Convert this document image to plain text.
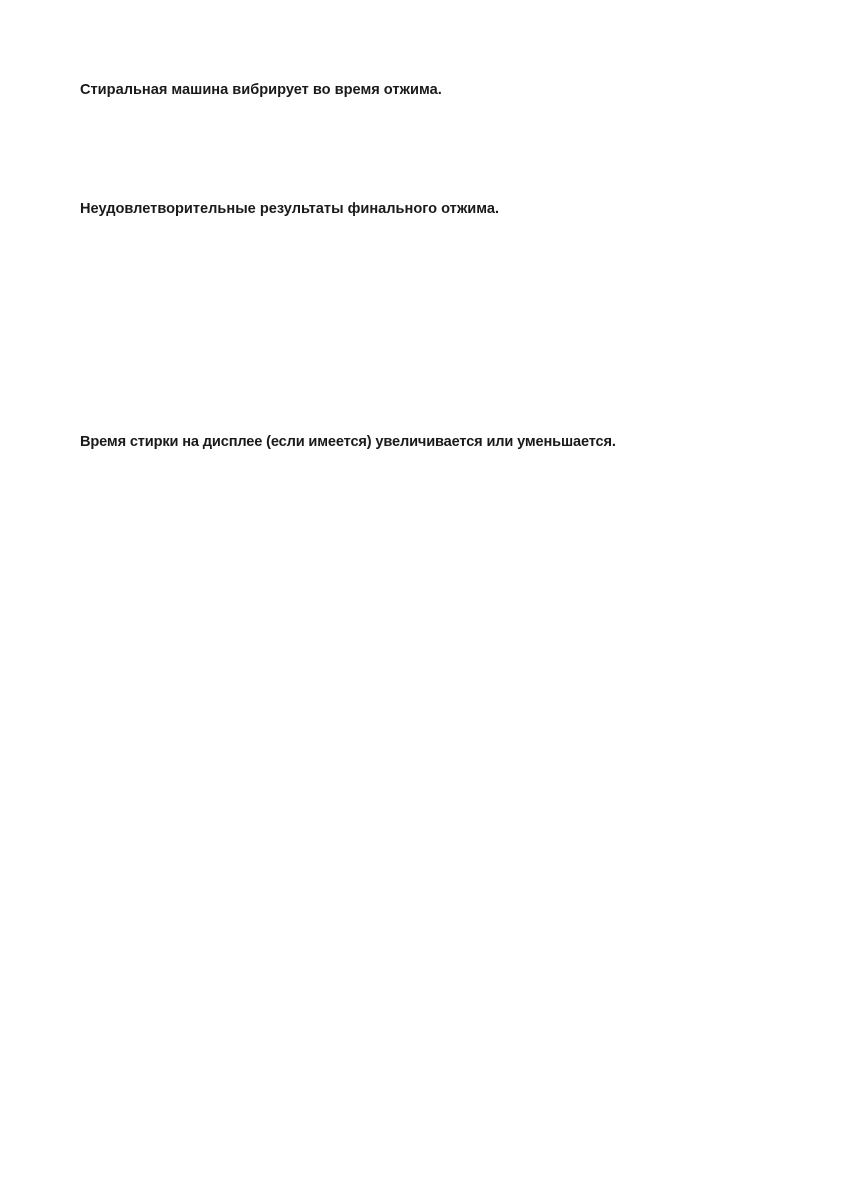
Стиральная машина вибрирует во время отжима.
Неудовлетворительные результаты финального отжима.
Время стирки на дисплее (если имеется) увеличивается или уменьшается.
